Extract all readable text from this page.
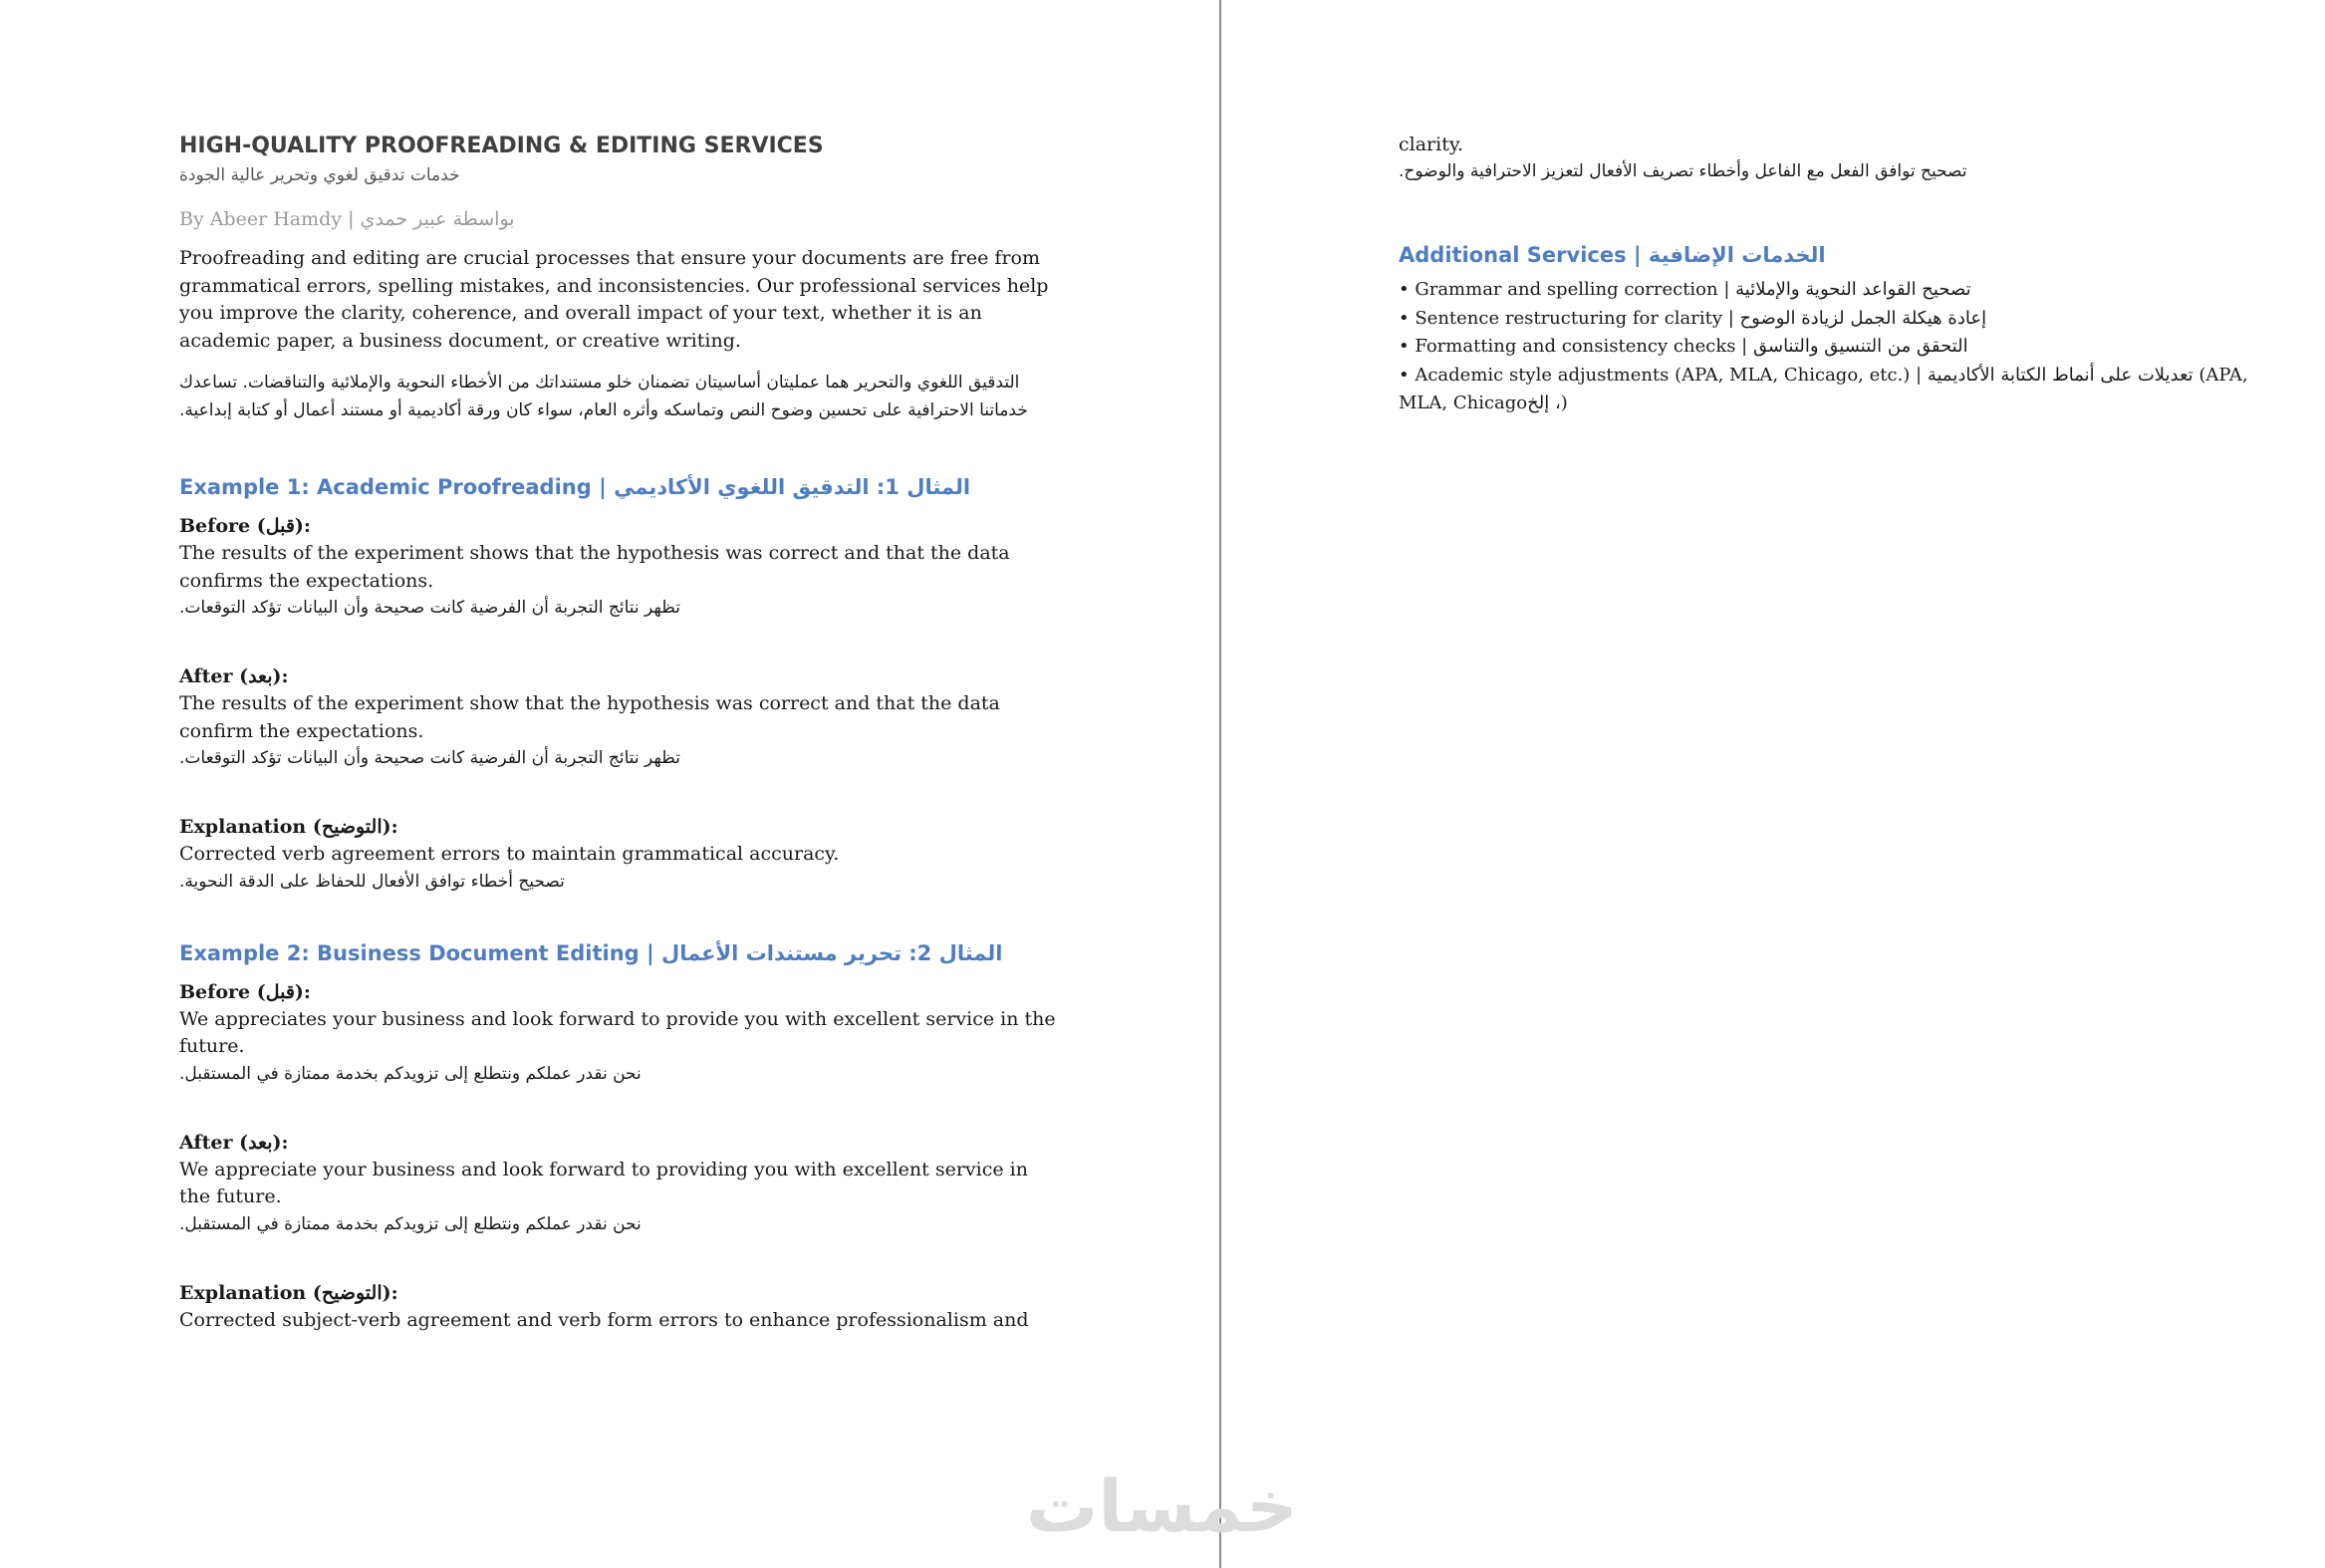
HIGH-QUALITY PROOFREADING & EDITING SERVICES
خدمات تدقيق لغوي وتحرير عالية الجودة
By Abeer Hamdy | بواسطة عبير حمدي

Proofreading and editing are crucial processes that ensure your documents are free from grammatical errors, spelling mistakes, and inconsistencies. Our professional services help you improve the clarity, coherence, and overall impact of your text, whether it is an academic paper, a business document, or creative writing.

التدقيق اللغوي والتحرير هما عمليتان أساسيتان تضمنان خلو مستنداتك من الأخطاء النحوية والإملائية والتناقضات. تساعدك خدماتنا الاحترافية على تحسين وضوح النص وتماسكه وأثره العام، سواء كان ورقة أكاديمية أو مستند أعمال أو كتابة إبداعية.
Example 1: Academic Proofreading | المثال 1: التدقيق اللغوي الأكاديمي
Before (قبل):
The results of the experiment shows that the hypothesis was correct and that the data confirms the expectations.
تظهر نتائج التجربة أن الفرضية كانت صحيحة وأن البيانات تؤكد التوقعات.
After (بعد):
The results of the experiment show that the hypothesis was correct and that the data confirm the expectations.
تظهر نتائج التجربة أن الفرضية كانت صحيحة وأن البيانات تؤكد التوقعات.
Explanation (التوضيح):
Corrected verb agreement errors to maintain grammatical accuracy.
تصحيح أخطاء توافق الأفعال للحفاظ على الدقة النحوية.
Example 2: Business Document Editing | المثال 2: تحرير مستندات الأعمال
Before (قبل):
We appreciates your business and look forward to provide you with excellent service in the future.
نحن نقدر عملكم ونتطلع إلى تزويدكم بخدمة ممتازة في المستقبل.
After (بعد):
We appreciate your business and look forward to providing you with excellent service in the future.
نحن نقدر عملكم ونتطلع إلى تزويدكم بخدمة ممتازة في المستقبل.
Explanation (التوضيح):
Corrected subject-verb agreement and verb form errors to enhance professionalism and
clarity.
تصحيح توافق الفعل مع الفاعل وأخطاء تصريف الأفعال لتعزيز الاحترافية والوضوح.
Additional Services | الخدمات الإضافية
• Grammar and spelling correction | تصحيح القواعد النحوية والإملائية
• Sentence restructuring for clarity | إعادة هيكلة الجمل لزيادة الوضوح
• Formatting and consistency checks | التحقق من التنسيق والتناسق
• Academic style adjustments (APA, MLA, Chicago, etc.) | تعديلات على أنماط الكتابة الأكاديمية (APA, MLA, Chicagoإلخ ،)
خمسات
